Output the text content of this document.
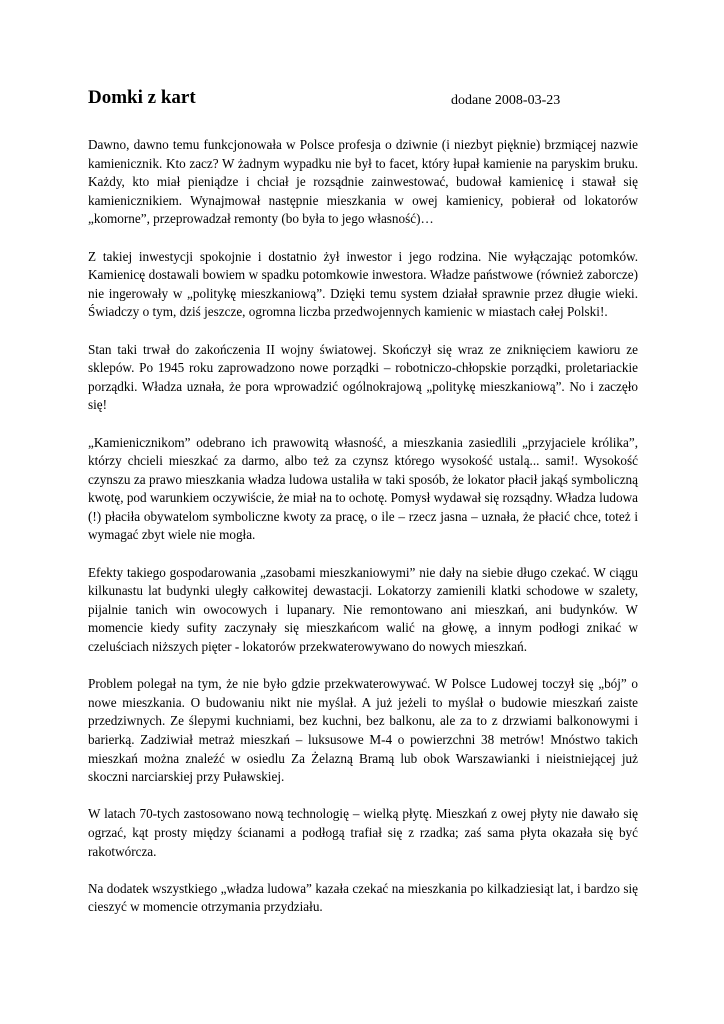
Domki z kart	dodane 2008-03-23

Dawno, dawno temu funkcjonowała w Polsce profesja o dziwnie (i niezbyt pięknie) brzmiącej nazwie kamienicznik. Kto zacz? W żadnym wypadku nie był to facet, który łupał kamienie na paryskim bruku. Każdy, kto miał pieniądze i chciał je rozsądnie zainwestować, budował kamienicę i stawał się kamienicznikiem. Wynajmował następnie mieszkania w owej kamienicy, pobierał od lokatorów „komorne”, przeprowadzał remonty (bo była to jego własność)…

Z takiej inwestycji spokojnie i dostatnio żył inwestor i jego rodzina. Nie wyłączając potomków. Kamienicę dostawali bowiem w spadku potomkowie inwestora. Władze państwowe (również zaborcze) nie ingerowały w „politykę mieszkaniową”. Dzięki temu system działał sprawnie przez długie wieki. Świadczy o tym, dziś jeszcze, ogromna liczba przedwojennych kamienic w miastach całej Polski!.

Stan taki trwał do zakończenia II wojny światowej. Skończył się wraz ze zniknięciem kawioru ze sklepów. Po 1945 roku zaprowadzono nowe porządki – robotniczo-chłopskie porządki, proletariackie porządki. Władza uznała, że pora wprowadzić ogólnokrajową „politykę mieszkaniową”. No i zaczęło się!

„Kamienicznikom” odebrano ich prawowitą własność, a mieszkania zasiedlili „przyjaciele królika”, którzy chcieli mieszkać za darmo, albo też za czynsz którego wysokość ustalą... sami!. Wysokość czynszu za prawo mieszkania władza ludowa ustaliła w taki sposób, że lokator płacił jakąś symboliczną kwotę, pod warunkiem oczywiście, że miał na to ochotę. Pomysł wydawał się rozsądny. Władza ludowa (!) płaciła obywatelom symboliczne kwoty za pracę, o ile – rzecz jasna – uznała, że płacić chce, toteż i wymagać zbyt wiele nie mogła.

Efekty takiego gospodarowania „zasobami mieszkaniowymi” nie dały na siebie długo czekać. W ciągu kilkunastu lat budynki uległy całkowitej dewastacji. Lokatorzy zamienili klatki schodowe w szalety, pijalnie tanich win owocowych i lupanary. Nie remontowano ani mieszkań, ani budynków. W momencie kiedy sufity zaczynały się mieszkańcom walić na głowę, a innym podłogi znikać w czeluściach niższych pięter - lokatorów przekwaterowywano do nowych mieszkań.

Problem polegał na tym, że nie było gdzie przekwaterowywać. W Polsce Ludowej toczył się „bój” o nowe mieszkania. O budowaniu nikt nie myślał. A już jeżeli to myślał o budowie mieszkań zaiste przedziwnych. Ze ślepymi kuchniami, bez kuchni, bez balkonu, ale za to z drzwiami balkonowymi i barierką. Zadziwiał metraż mieszkań – luksusowe M-4 o powierzchni 38 metrów! Mnóstwo takich mieszkań można znaleźć w osiedlu Za Żelazną Bramą lub obok Warszawianki i nieistniejącej już skoczni narciarskiej przy Puławskiej.

W latach 70-tych zastosowano nową technologię – wielką płytę. Mieszkań z owej płyty nie dawało się ogrzać, kąt prosty między ścianami a podłogą trafiał się z rzadka; zaś sama płyta okazała się być rakotwórcza.

Na dodatek wszystkiego „władza ludowa” kazała czekać na mieszkania po kilkadziesiąt lat, i bardzo się cieszyć w momencie otrzymania przydziału.
